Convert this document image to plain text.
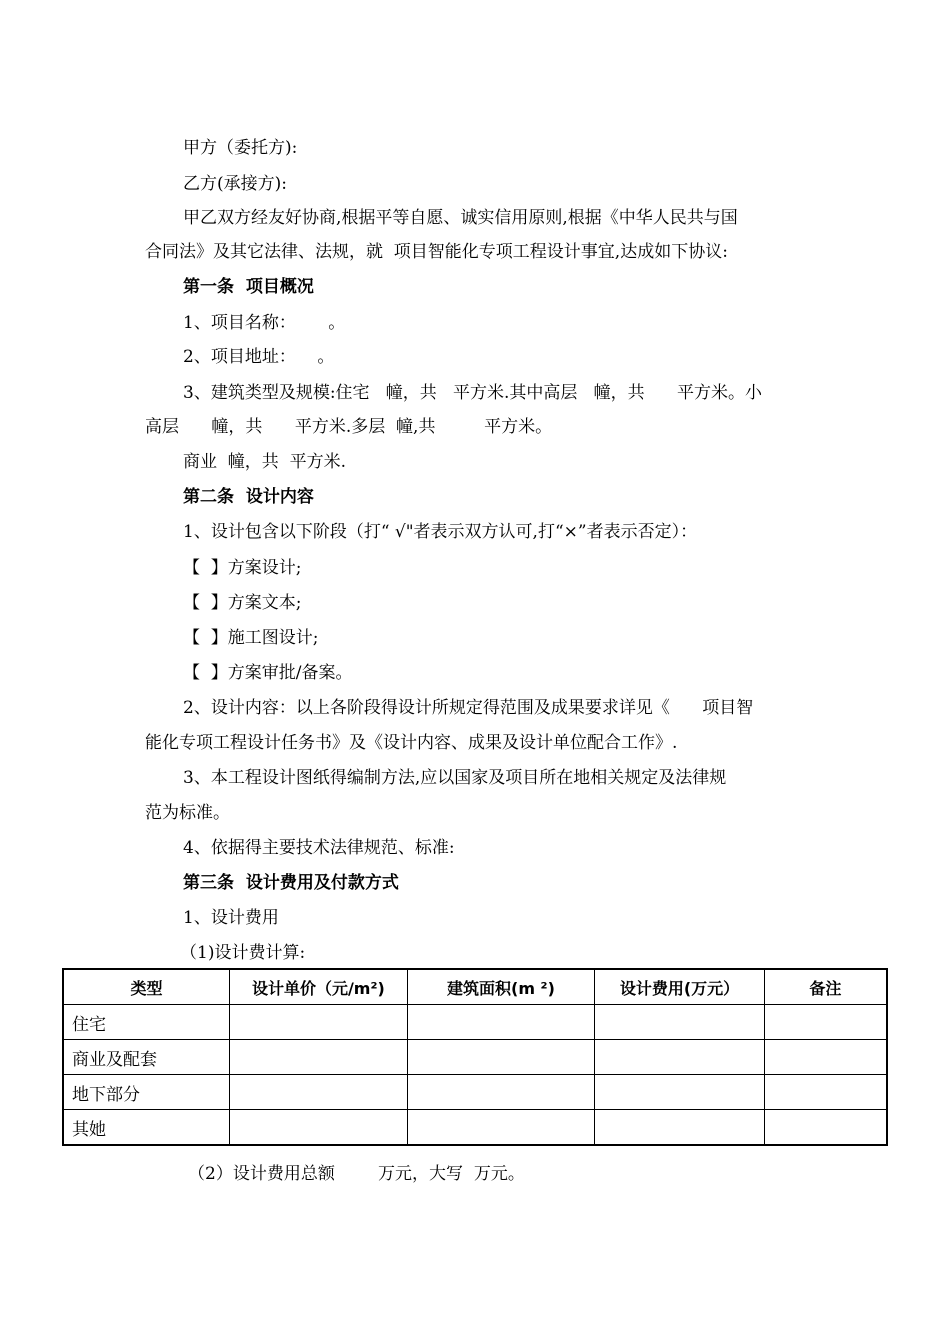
甲方（委托方):
乙方(承接方):
甲乙双方经友好协商,根据平等自愿、诚实信用原则,根据《中华人民共与国
合同法》及其它法律、法规，就  项目智能化专项工程设计事宜,达成如下协议:
第一条  项目概况
1、项目名称：      。
2、项目地址：    。
3、建筑类型及规模:住宅   幢，共   平方米.其中高层   幢，共      平方米。小
高层      幢，共      平方米.多层  幢,共         平方米。
商业  幢，共  平方米.
第二条  设计内容
1、设计包含以下阶段（打“ √"者表示双方认可,打“×”者表示否定）：
【  】方案设计;
【  】方案文本;
【  】施工图设计;
【  】方案审批/备案。
2、设计内容：以上各阶段得设计所规定得范围及成果要求详见《      项目智
能化专项工程设计任务书》及《设计内容、成果及设计单位配合工作》.
3、本工程设计图纸得编制方法,应以国家及项目所在地相关规定及法律规
范为标准。
4、依据得主要技术法律规范、标准:
第三条  设计费用及付款方式
1、设计费用
（1)设计费计算:
类型	设计单价（元/m²)	建筑面积(m ²)	设计费用(万元）	备注
住宅				
商业及配套				
地下部分				
其她				
（2）设计费用总额        万元，大写  万元。
